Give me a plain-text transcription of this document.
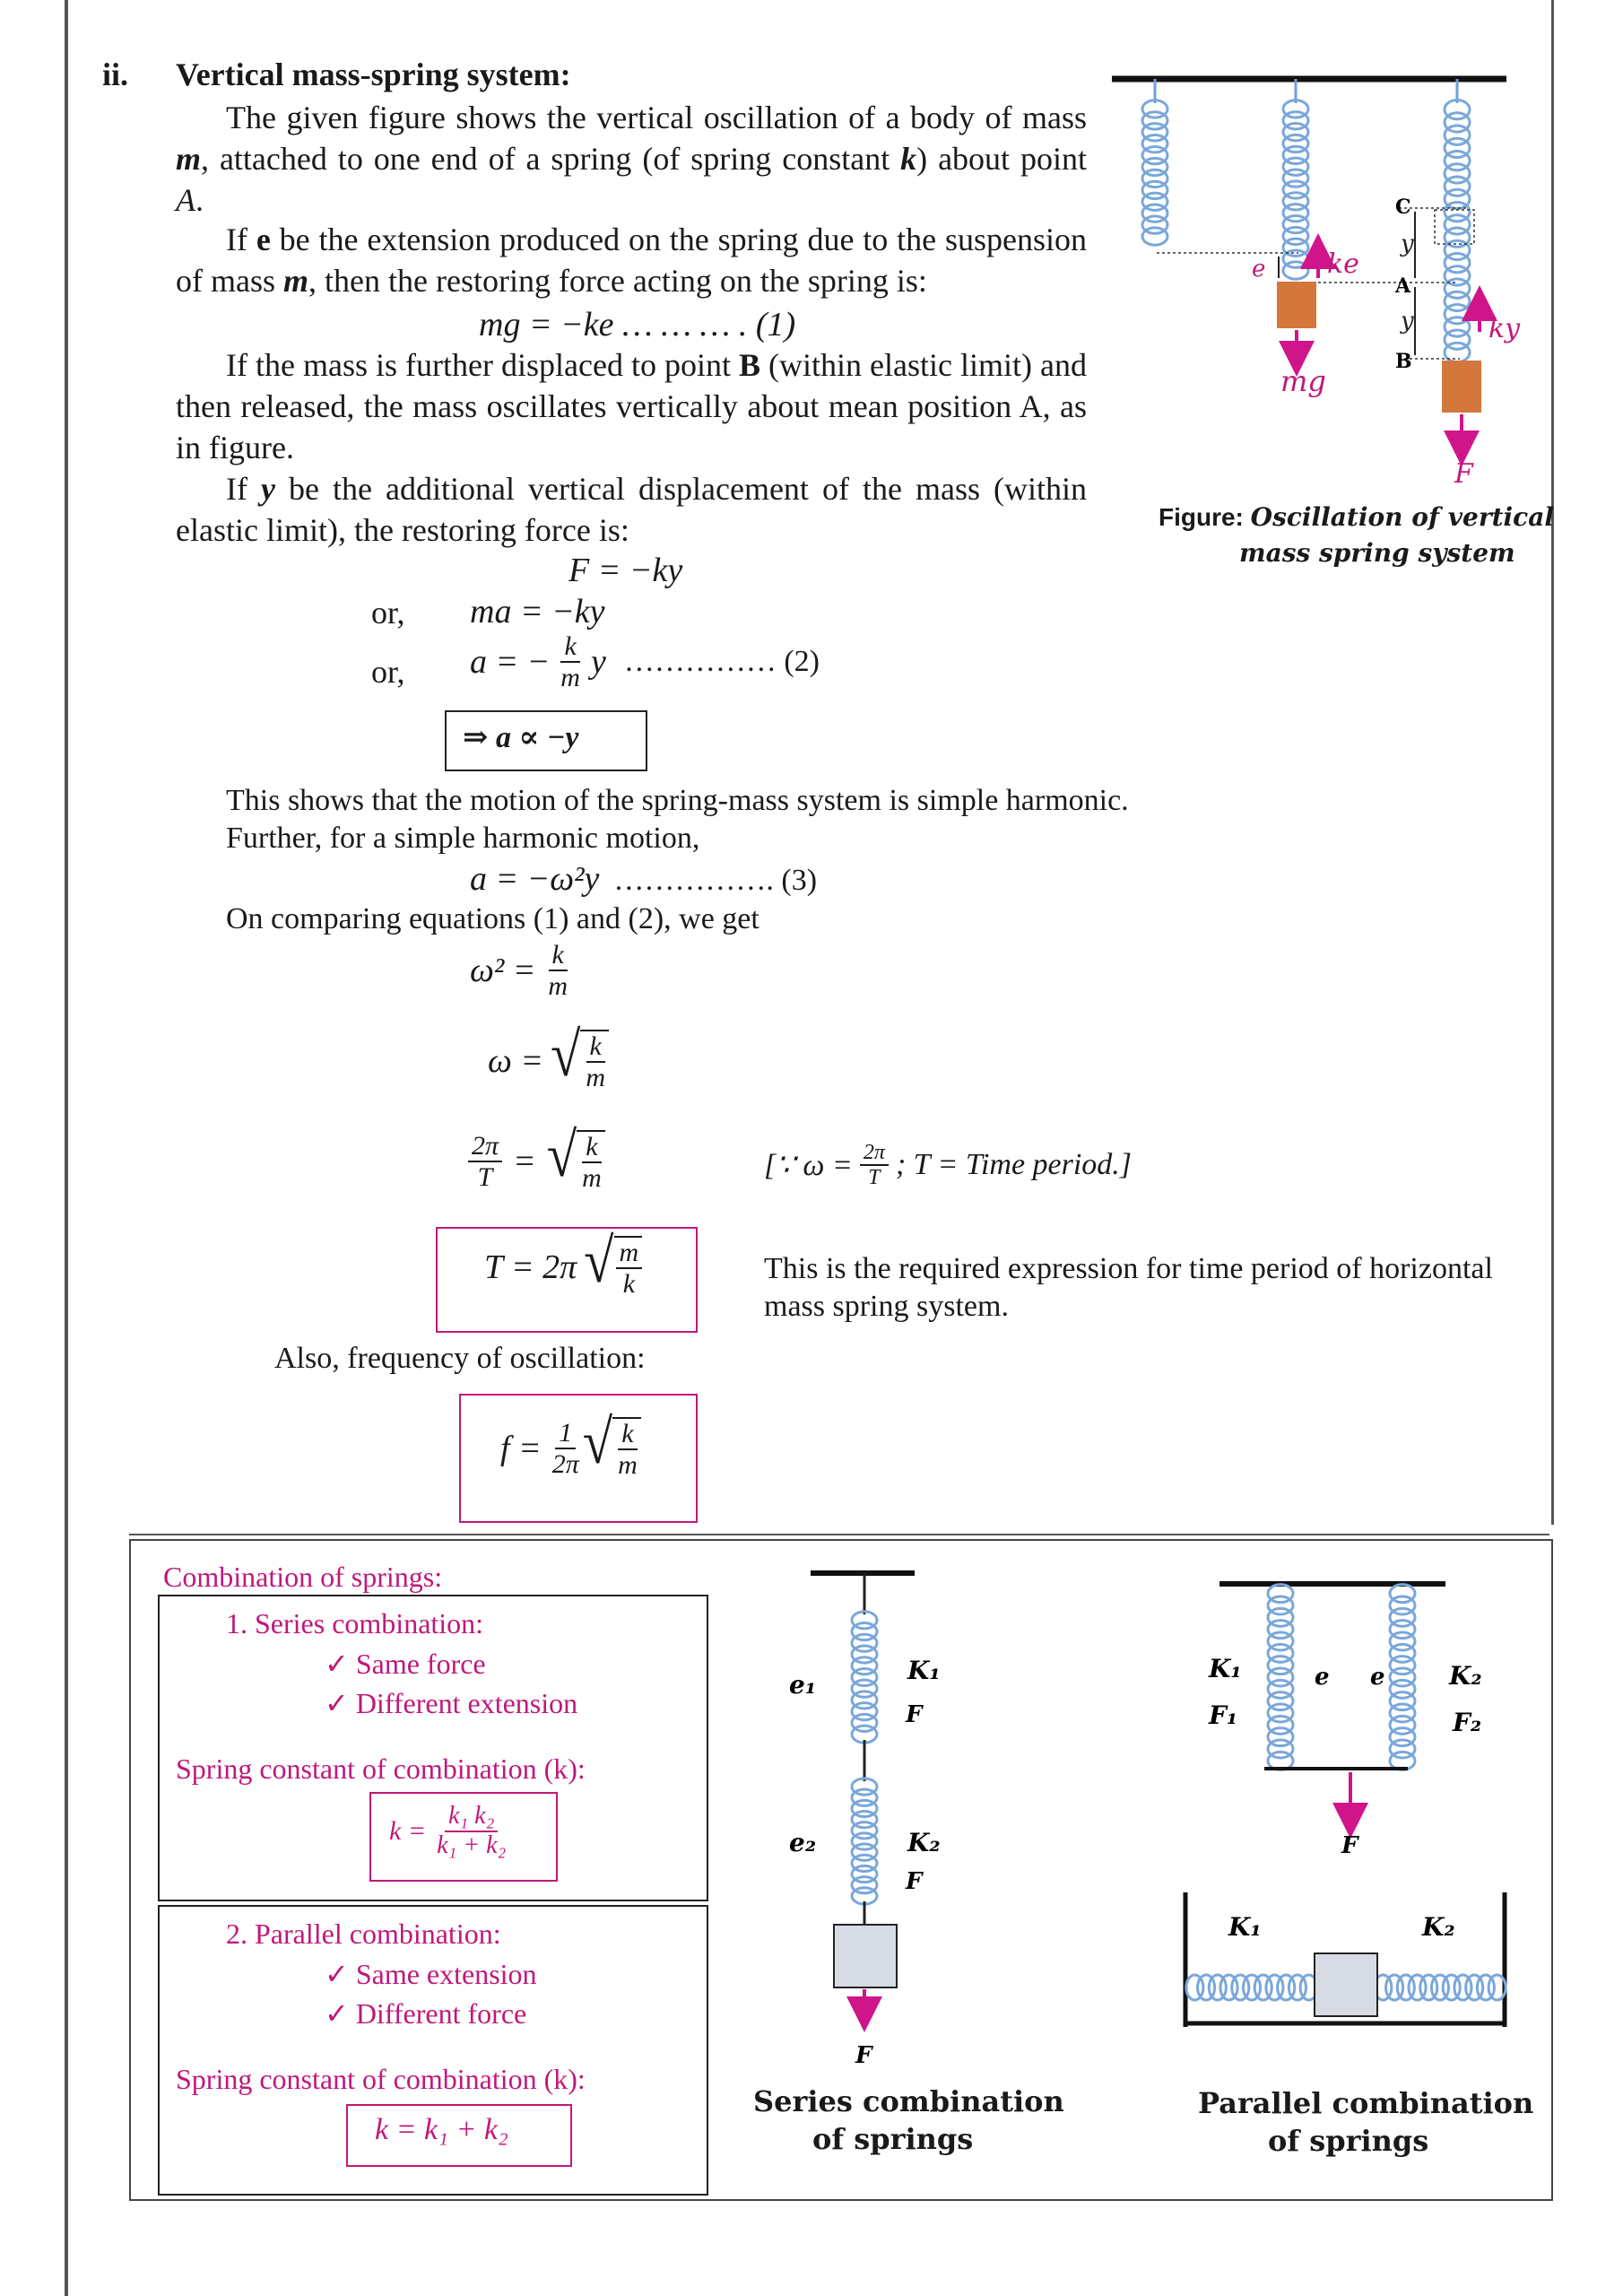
ii. Vertical mass-spring system:
The given figure shows the vertical oscillation of a body of mass m, attached to one end of a spring (of spring constant k) about point A.
If e be the extension produced on the spring due to the suspension of mass m, then the restoring force acting on the spring is:
mg = −ke … … … . (1)
If the mass is further displaced to point B (within elastic limit) and then released, the mass oscillates vertically about mean position A, as in figure.
If y be the additional vertical displacement of the mass (within elastic limit), the restoring force is:
F = −ky
or, ma = −ky
or, a = − $\frac{k}{m}$ y …………… (2)
⇒ a ∝ −y
This shows that the motion of the spring-mass system is simple harmonic.
Further, for a simple harmonic motion,
a = −ω²y ……………. (3)
On comparing equations (1) and (2), we get
$\omega^2 = \frac{k}{m}$
ω = √ $\frac{k}{m}$
$\frac{2\pi}{T}$ = √ $\frac{k}{m}$	[∵ $\omega = \frac{2\pi}{T}$ ; T = Time period.]
T = 2π √ $\frac{m}{k}$	This is the required expression for time period of horizontal mass spring system.
Also, frequency of oscillation:
$f = \frac{1}{2\pi}$ √ $\frac{k}{m}$
C
y
A
y
B
e ke
ky
mg
F
Figure: Oscillation of vertical
mass spring system
Combination of springs:
1. Series combination:
✓ Same force
✓ Different extension
Spring constant of combination (k):
$k = \frac{\text{k₁ k₂}}{\text{k₁ + k₂}}$
2. Parallel combination:
✓ Same extension
✓ Different force
Spring constant of combination (k):
k = k₁ + k₂
e₁	K₁
F
e₂	K₂
F
F
Series combination
of springs
K₁
F₁
e e	K₂
F₂
F
K₁	K₂
Parallel combination
of springs
